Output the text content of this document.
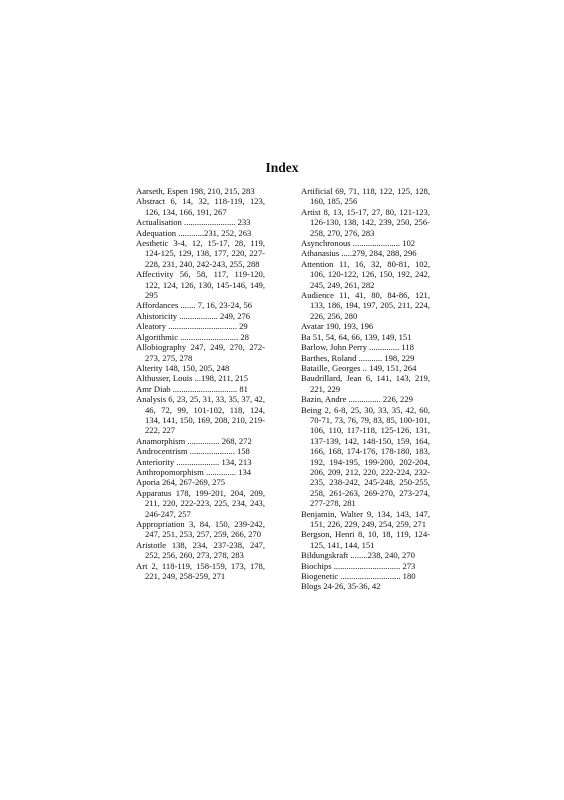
Index

Aarseth, Espen 198, 210, 215, 283

Abstract 6, 14, 32, 118-119, 123, 126, 134, 166, 191, 267

Actualisation ........................ 233

Adequation ............231, 252, 263

Aesthetic 3-4, 12, 15-17, 28, 119, 124-125, 129, 138, 177, 220, 227-228, 231, 240, 242-243, 255, 288

Affectivity 56, 58, 117, 119-120, 122, 124, 126, 130, 145-146, 149, 295

Affordances ....... 7, 16, 23-24, 56

Ahistoricity .................. 249, 276

Aleatory ................................ 29

Algorithmic ........................... 28

Allobiography 247, 249, 270, 272-273, 275, 278

Alterity 148, 150, 205, 248

Althusser, Louis ...198, 211, 215

Amr Diab .............................. 81

Analysis 6, 23, 25, 31, 33, 35, 37, 42, 46, 72, 99, 101-102, 118, 124, 134, 141, 150, 169, 208, 210, 219-222, 227

Anamorphism ............... 268, 272

Androcentrism ..................... 158

Anteriority .................... 134, 213

Anthropomorphism .............. 134

Aporia 264, 267-269, 275

Apparatus 178, 199-201, 204, 209, 211, 220, 222-223, 225, 234, 243, 246-247, 257

Appropriation 3, 84, 150, 239-242, 247, 251, 253, 257, 259, 266, 270

Aristotle 138, 234, 237-238, 247, 252, 256, 260, 273, 278, 283

Art 2, 118-119, 158-159, 173, 178, 221, 249, 258-259, 271

Artificial 69, 71, 118, 122, 125, 128, 160, 185, 256

Artist 8, 13, 15-17, 27, 80, 121-123, 126-130, 138, 142, 239, 250, 256-258, 270, 276, 283

Asynchronous ...................... 102

Athanasius .....279, 284, 288, 296

Attention 11, 16, 32, 80-81, 102, 106, 120-122, 126, 150, 192, 242, 245, 249, 261, 282

Audience 11, 41, 80, 84-86, 121, 133, 186, 194, 197, 205, 211, 224, 226, 256, 280

Avatar 190, 193, 196

Ba 51, 54, 64, 66, 139, 149, 151

Barlow, John Perry .............. 118

Barthes, Roland ........... 198, 229

Bataille, Georges .. 149, 151, 264

Baudrillard, Jean 6, 141, 143, 219, 221, 229

Bazin, Andre ............... 226, 229

Being 2, 6-8, 25, 30, 33, 35, 42, 60, 70-71, 73, 76, 79, 83, 85, 100-101, 106, 110, 117-118, 125-126, 131, 137-139, 142, 148-150, 159, 164, 166, 168, 174-176, 178-180, 183, 192, 194-195, 199-200, 202-204, 206, 209, 212, 220, 222-224, 232-235, 238-242, 245-248, 250-255, 258, 261-263, 269-270, 273-274, 277-278, 281

Benjamin, Walter 9, 134, 143, 147, 151, 226, 229, 249, 254, 259, 271

Bergson, Henri 8, 10, 18, 119, 124-125, 141, 144, 151

Bildungskraft ........238, 240, 270

Biochips ............................... 273

Biogenetic ............................ 180

Blogs 24-26, 35-36, 42
